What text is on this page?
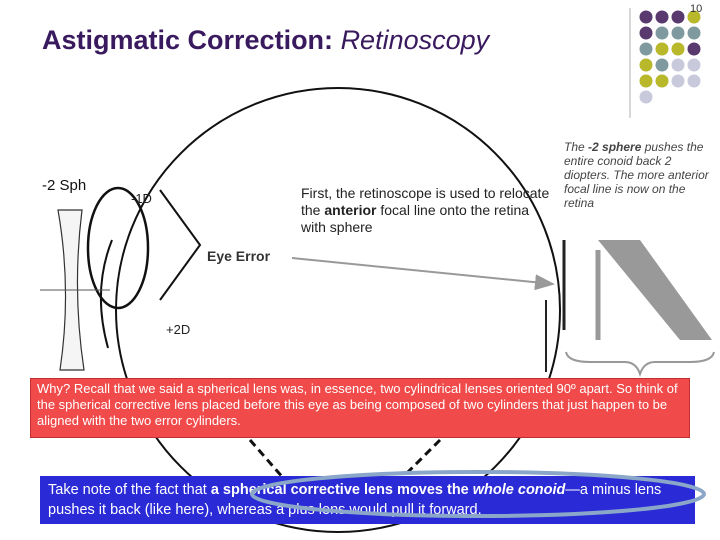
10
Astigmatic Correction: Retinoscopy
-2 Sph
-1D
+2D
Eye Error
First, the retinoscope is used to relocate the anterior focal line onto the retina with sphere
The -2 sphere pushes the entire conoid back 2 diopters. The more anterior focal line is now on the retina

Why? Recall that we said a spherical lens was, in essence, two cylindrical lenses oriented 90º apart. So think of the spherical corrective lens placed before this eye as being composed of two cylinders that just happen to be aligned with the two error cylinders.

Take note of the fact that a spherical corrective lens moves the whole conoid—a minus lens pushes it back (like here), whereas a plus lens would pull it forward.
